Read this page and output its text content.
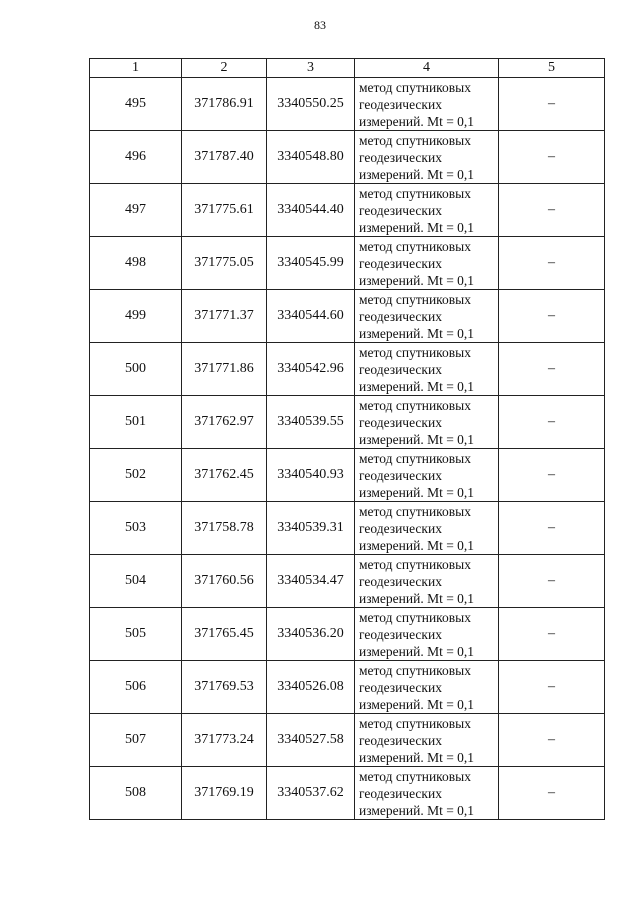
83
1	2	3	4	5
495	371786.91	3340550.25	метод спутниковых
геодезических
измерений. Mt = 0,1	–
496	371787.40	3340548.80	метод спутниковых
геодезических
измерений. Mt = 0,1	–
497	371775.61	3340544.40	метод спутниковых
геодезических
измерений. Mt = 0,1	–
498	371775.05	3340545.99	метод спутниковых
геодезических
измерений. Mt = 0,1	–
499	371771.37	3340544.60	метод спутниковых
геодезических
измерений. Mt = 0,1	–
500	371771.86	3340542.96	метод спутниковых
геодезических
измерений. Mt = 0,1	–
501	371762.97	3340539.55	метод спутниковых
геодезических
измерений. Mt = 0,1	–
502	371762.45	3340540.93	метод спутниковых
геодезических
измерений. Mt = 0,1	–
503	371758.78	3340539.31	метод спутниковых
геодезических
измерений. Mt = 0,1	–
504	371760.56	3340534.47	метод спутниковых
геодезических
измерений. Mt = 0,1	–
505	371765.45	3340536.20	метод спутниковых
геодезических
измерений. Mt = 0,1	–
506	371769.53	3340526.08	метод спутниковых
геодезических
измерений. Mt = 0,1	–
507	371773.24	3340527.58	метод спутниковых
геодезических
измерений. Mt = 0,1	–
508	371769.19	3340537.62	метод спутниковых
геодезических
измерений. Mt = 0,1	–
